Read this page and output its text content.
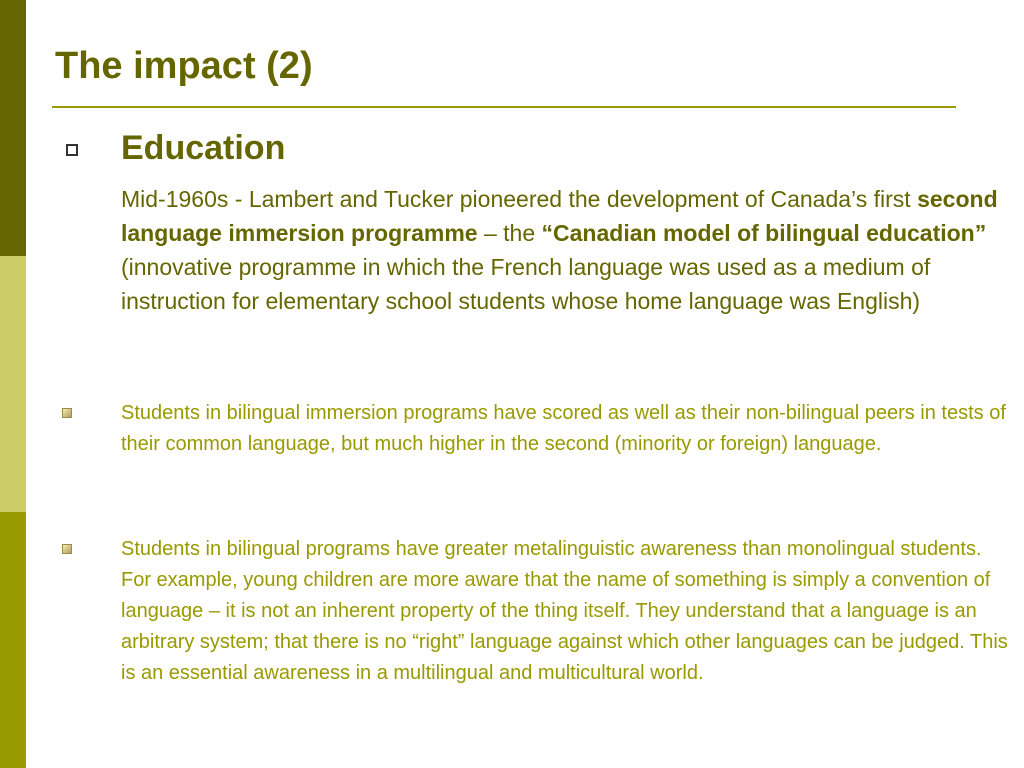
The impact (2)
Education

Mid-1960s - Lambert and Tucker pioneered the development of Canada’s first second language immersion programme – the “Canadian model of bilingual education” (innovative programme in which the French language was used as a medium of instruction for elementary school students whose home language was English)

Students in bilingual immersion programs have scored as well as their non-bilingual peers in tests of their common language, but much higher in the second (minority or foreign) language.

Students in bilingual programs have greater metalinguistic awareness than monolingual students. For example, young children are more aware that the name of something is simply a convention of language – it is not an inherent property of the thing itself. They understand that a language is an arbitrary system; that there is no “right” language against which other languages can be judged. This is an essential awareness in a multilingual and multicultural world.
